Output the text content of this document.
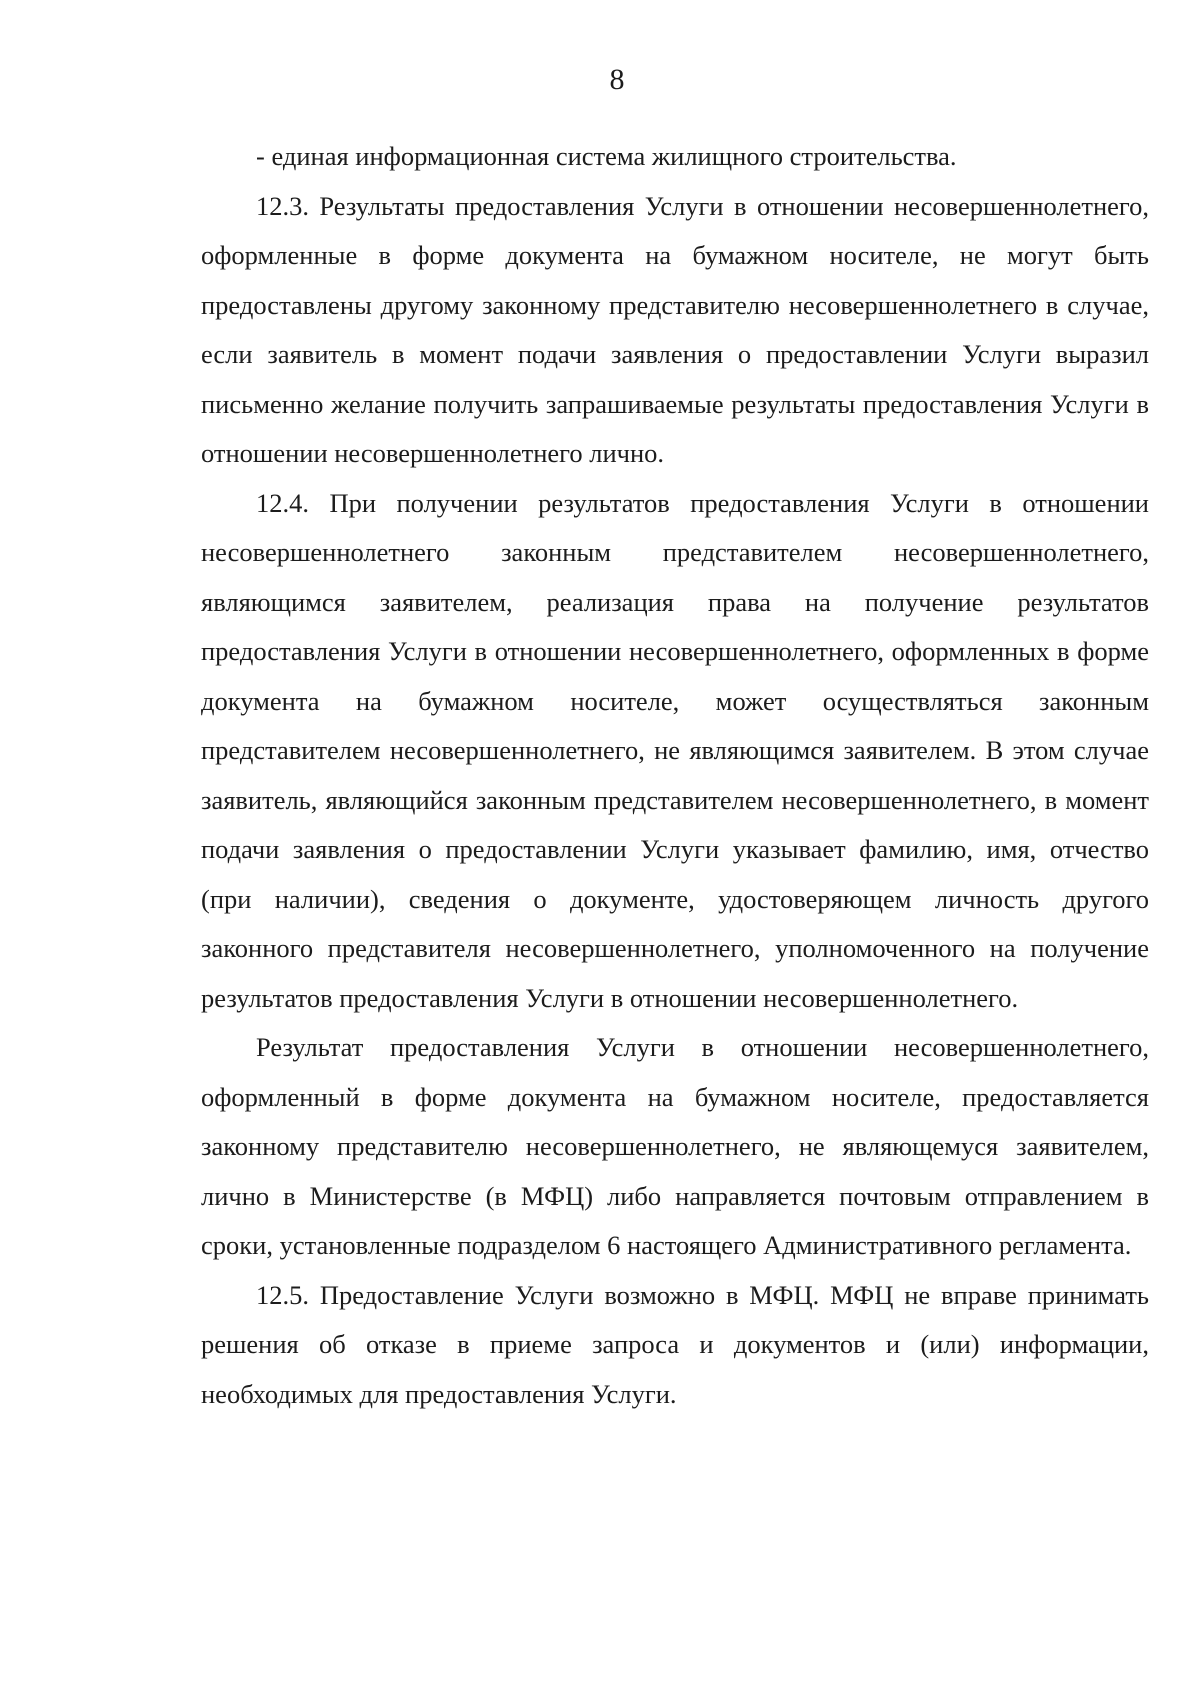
8

- единая информационная система жилищного строительства.

12.3. Результаты предоставления Услуги в отношении несовершеннолетнего, оформленные в форме документа на бумажном носителе, не могут быть предоставлены другому законному представителю несовершеннолетнего в случае, если заявитель в момент подачи заявления о предоставлении Услуги выразил письменно желание получить запрашиваемые результаты предоставления Услуги в отношении несовершеннолетнего лично.

12.4. При получении результатов предоставления Услуги в отношении несовершеннолетнего законным представителем несовершеннолетнего, являющимся заявителем, реализация права на получение результатов предоставления Услуги в отношении несовершеннолетнего, оформленных в форме документа на бумажном носителе, может осуществляться законным представителем несовершеннолетнего, не являющимся заявителем. В этом случае заявитель, являющийся законным представителем несовершеннолетнего, в момент подачи заявления о предоставлении Услуги указывает фамилию, имя, отчество (при наличии), сведения о документе, удостоверяющем личность другого законного представителя несовершеннолетнего, уполномоченного на получение результатов предоставления Услуги в отношении несовершеннолетнего.

Результат предоставления Услуги в отношении несовершеннолетнего, оформленный в форме документа на бумажном носителе, предоставляется законному представителю несовершеннолетнего, не являющемуся заявителем, лично в Министерстве (в МФЦ) либо направляется почтовым отправлением в сроки, установленные подразделом 6 настоящего Административного регламента.

12.5. Предоставление Услуги возможно в МФЦ. МФЦ не вправе принимать решения об отказе в приеме запроса и документов и (или) информации, необходимых для предоставления Услуги.
